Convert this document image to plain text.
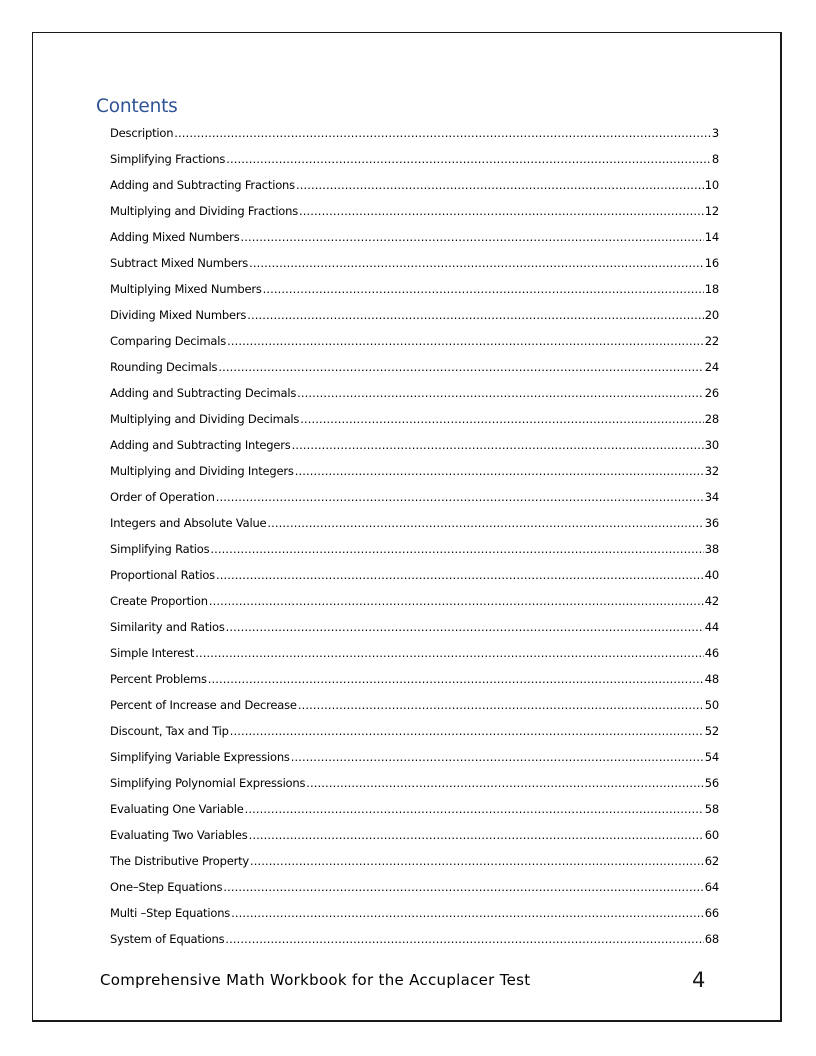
Contents
Description .....	3
Simplifying Fractions .....	8
Adding and Subtracting Fractions .....	10
Multiplying and Dividing Fractions .....	12
Adding Mixed Numbers .....	14
Subtract Mixed Numbers .....	16
Multiplying Mixed Numbers .....	18
Dividing Mixed Numbers .....	20
Comparing Decimals .....	22
Rounding Decimals .....	24
Adding and Subtracting Decimals .....	26
Multiplying and Dividing Decimals .....	28
Adding and Subtracting Integers .....	30
Multiplying and Dividing Integers .....	32
Order of Operation .....	34
Integers and Absolute Value .....	36
Simplifying Ratios .....	38
Proportional Ratios .....	40
Create Proportion .....	42
Similarity and Ratios .....	44
Simple Interest .....	46
Percent Problems .....	48
Percent of Increase and Decrease .....	50
Discount, Tax and Tip .....	52
Simplifying Variable Expressions .....	54
Simplifying Polynomial Expressions .....	56
Evaluating One Variable .....	58
Evaluating Two Variables .....	60
The Distributive Property .....	62
One–Step Equations .....	64
Multi –Step Equations .....	66
System of Equations .....	68
Comprehensive Math Workbook for the Accuplacer Test	4
